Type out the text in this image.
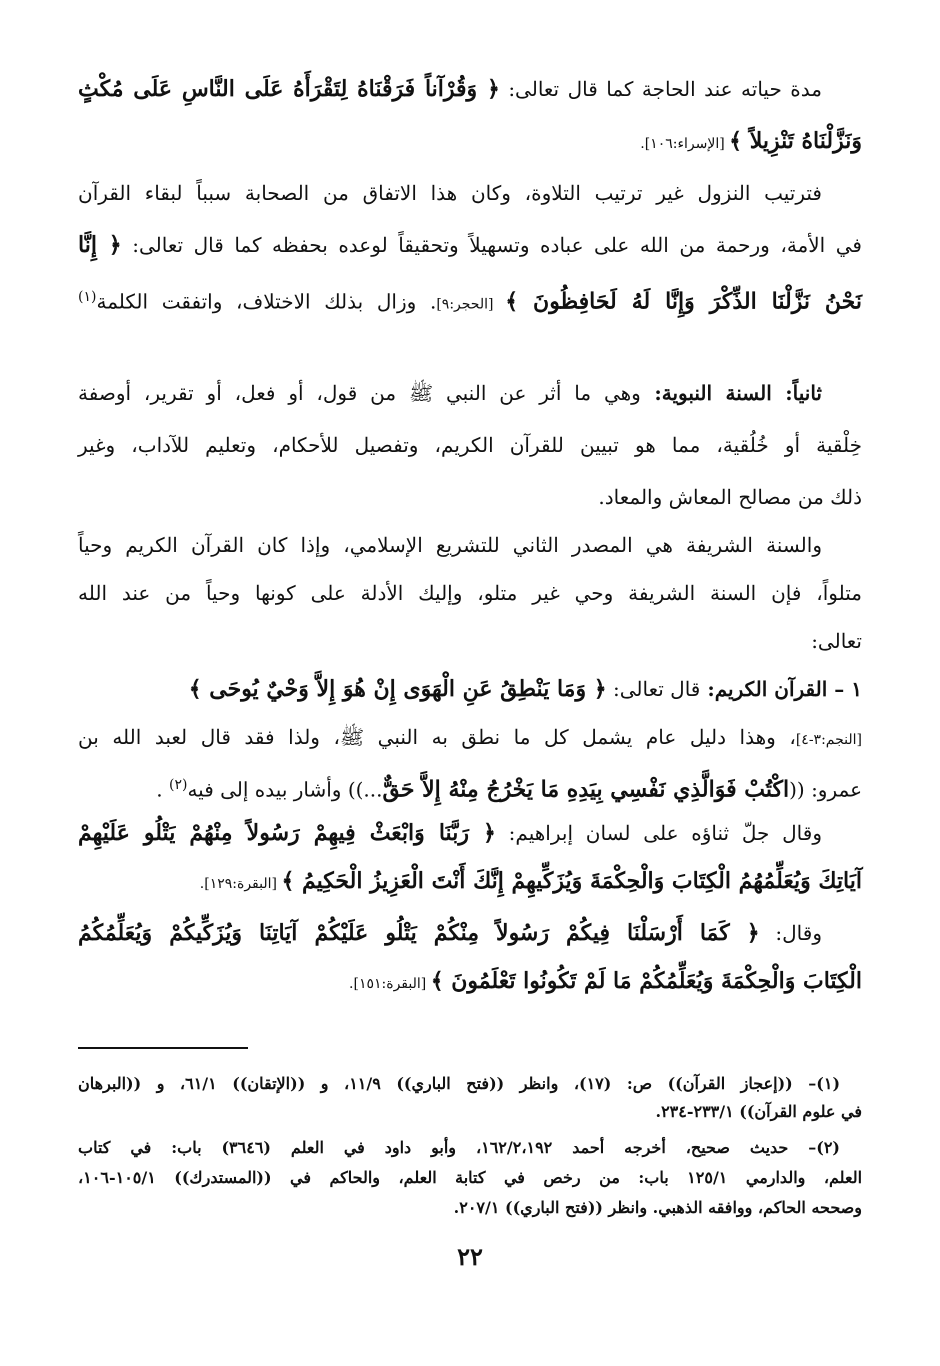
مدة حياته عند الحاجة كما قال تعالى: ﴿ وَقُرْآناً فَرَقْنَاهُ لِتَقْرَأَهُ عَلَى النَّاسِ عَلَى مُكْثٍ

وَنَزَّلْنَاهُ تَنْزِيلاً ﴾ [الإسراء:١٠٦].

فترتيب النزول غير ترتيب التلاوة، وكان هذا الاتفاق من الصحابة سبباً لبقاء القرآن

في الأمة، ورحمة من الله على عباده وتسهيلاً وتحقيقاً لوعده بحفظه كما قال تعالى: ﴿ إِنَّا

نَحْنُ نَزَّلْنَا الذِّكْرَ وَإِنَّا لَهُ لَحَافِظُونَ ﴾ [الحجر:٩]. وزال بذلك الاختلاف، واتفقت الكلمة$^{(١)}$

ثانياً: السنة النبوية: وهي ما أثر عن النبي ﷺ من قول، أو فعل، أو تقرير، أوصفة

خِلْقية أو خُلُقية، مما هو تبيين للقرآن الكريم، وتفصيل للأحكام، وتعليم للآداب، وغير

ذلك من مصالح المعاش والمعاد.

والسنة الشريفة هي المصدر الثاني للتشريع الإسلامي، وإذا كان القرآن الكريم وحياً

متلواً، فإن السنة الشريفة وحي غير متلو، وإليك الأدلة على كونها وحياً من عند الله

تعالى:

١ – القرآن الكريم: قال تعالى: ﴿ وَمَا يَنْطِقُ عَنِ الْهَوَى إِنْ هُوَ إِلاَّ وَحْيٌ يُوحَى ﴾

[النجم:٣-٤]، وهذا دليل عام يشمل كل ما نطق به النبي ﷺ، ولذا فقد قال لعبد الله بن

عمرو: ((اكْتُبْ فَوَالَّذِي نَفْسِي بِيَدِهِ مَا يَخْرُجُ مِنْهُ إِلاَّ حَقٌّ...)) وأشار بيده إلى فيه$^{(٢)}$ .

وقال جلّ ثناؤه على لسان إبراهيم: ﴿ رَبَّنَا وَابْعَثْ فِيهِمْ رَسُولاً مِنْهُمْ يَتْلُو عَلَيْهِمْ

آيَاتِكَ وَيُعَلِّمُهُمُ الْكِتَابَ وَالْحِكْمَةَ وَيُزَكِّيهِمْ إِنَّكَ أَنْتَ الْعَزِيزُ الْحَكِيمُ ﴾ [البقرة:١٢٩].

وقال: ﴿ كَمَا أَرْسَلْنَا فِيكُمْ رَسُولاً مِنْكُمْ يَتْلُو عَلَيْكُمْ آيَاتِنَا وَيُزَكِّيكُمْ وَيُعَلِّمُكُمُ

الْكِتَابَ وَالْحِكْمَةَ وَيُعَلِّمُكُمْ مَا لَمْ تَكُونُوا تَعْلَمُونَ ﴾ [البقرة:١٥١].

(١)– ((إعجاز القرآن)) ص: (١٧)، وانظر ((فتح الباري)) ١١/٩، و ((الإتقان)) ٦١/١، و ((البرهان

في علوم القرآن)) ٢٣٣/١-٢٣٤.

(٢)– حديث صحيح، أخرجه أحمد ١٦٢/٢،١٩٢، وأبو داود في العلم (٣٦٤٦) باب: في كتاب

العلم، والدارمي ١٢٥/١ باب: من رخص في كتابة العلم، والحاكم في ((المستدرك)) ١٠٥/١-١٠٦،

وصححه الحاكم، ووافقه الذهبي. وانظر ((فتح الباري)) ٢٠٧/١.

٢٢
